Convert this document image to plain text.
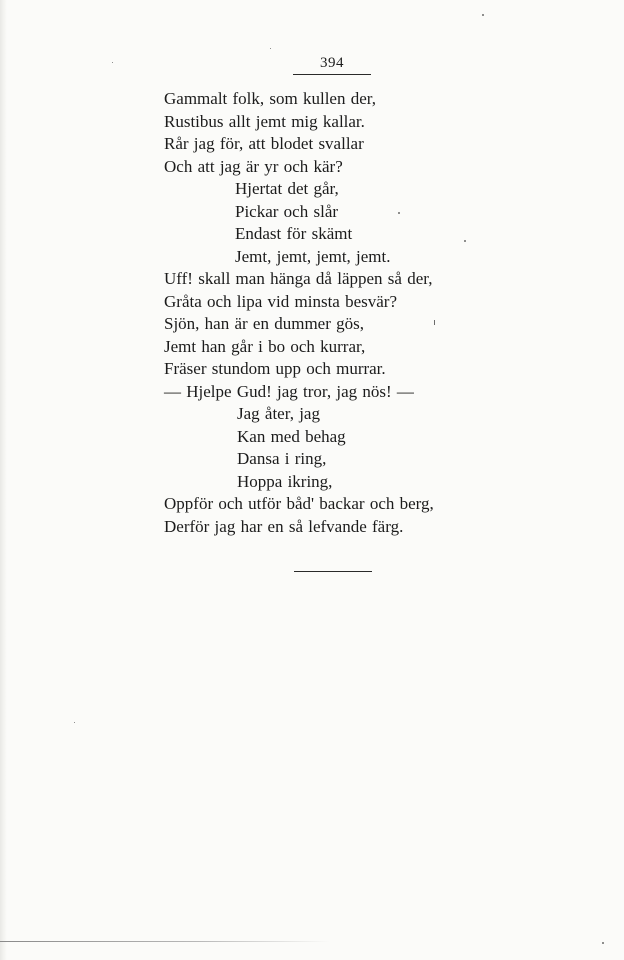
394
Gammalt folk, som kullen der,
Rustibus allt jemt mig kallar.
Rår jag för, att blodet svallar
Och att jag är yr och kär?
Hjertat det går,
Pickar och slår
Endast för skämt
Jemt, jemt, jemt, jemt.
Uff! skall man hänga då läppen så der,
Gråta och lipa vid minsta besvär?
Sjön, han är en dummer gös,
Jemt han går i bo och kurrar,
Fräser stundom upp och murrar.
— Hjelpe Gud! jag tror, jag nös! —
Jag åter, jag
Kan med behag
Dansa i ring,
Hoppa ikring,
Oppför och utför båd' backar och berg,
Derför jag har en så lefvande färg.
